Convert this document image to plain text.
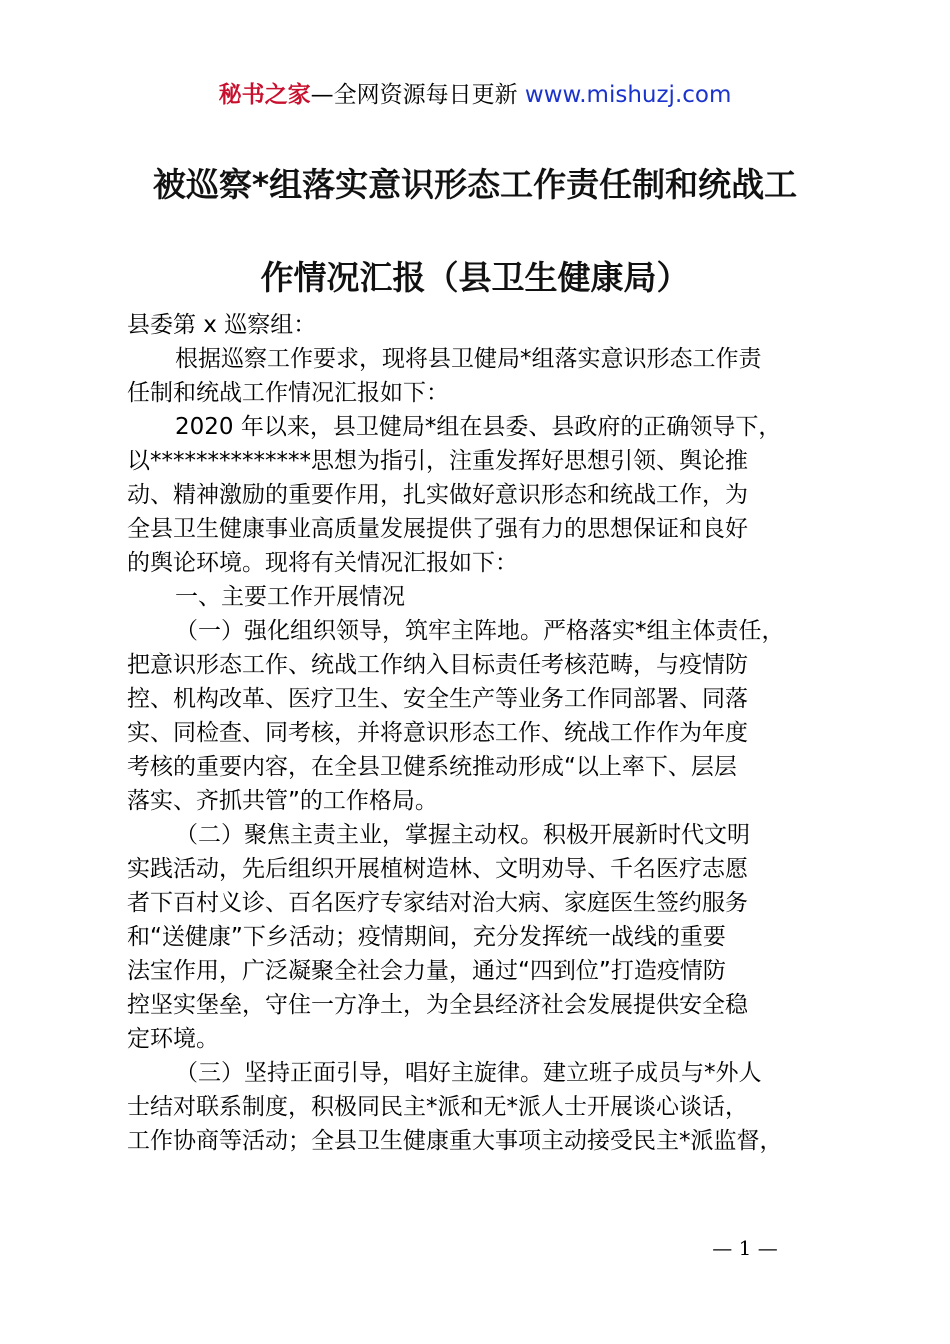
秘书之家—全网资源每日更新 www.mishuzj.com
被巡察*组落实意识形态工作责任制和统战工
作情况汇报（县卫生健康局）
县委第 x 巡察组：
根据巡察工作要求，现将县卫健局*组落实意识形态工作责
任制和统战工作情况汇报如下：
2020 年以来，县卫健局*组在县委、县政府的正确领导下，
以**************思想为指引，注重发挥好思想引领、舆论推
动、精神激励的重要作用，扎实做好意识形态和统战工作，为
全县卫生健康事业高质量发展提供了强有力的思想保证和良好
的舆论环境。现将有关情况汇报如下：
一、主要工作开展情况
（一）强化组织领导，筑牢主阵地。严格落实*组主体责任，
把意识形态工作、统战工作纳入目标责任考核范畴，与疫情防
控、机构改革、医疗卫生、安全生产等业务工作同部署、同落
实、同检查、同考核，并将意识形态工作、统战工作作为年度
考核的重要内容，在全县卫健系统推动形成“以上率下、层层
落实、齐抓共管”的工作格局。
（二）聚焦主责主业，掌握主动权。积极开展新时代文明
实践活动，先后组织开展植树造林、文明劝导、千名医疗志愿
者下百村义诊、百名医疗专家结对治大病、家庭医生签约服务
和“送健康”下乡活动；疫情期间，充分发挥统一战线的重要
法宝作用，广泛凝聚全社会力量，通过“四到位”打造疫情防
控坚实堡垒，守住一方净土，为全县经济社会发展提供安全稳
定环境。
（三）坚持正面引导，唱好主旋律。建立班子成员与*外人
士结对联系制度，积极同民主*派和无*派人士开展谈心谈话，
工作协商等活动；全县卫生健康重大事项主动接受民主*派监督，
— 1 —
